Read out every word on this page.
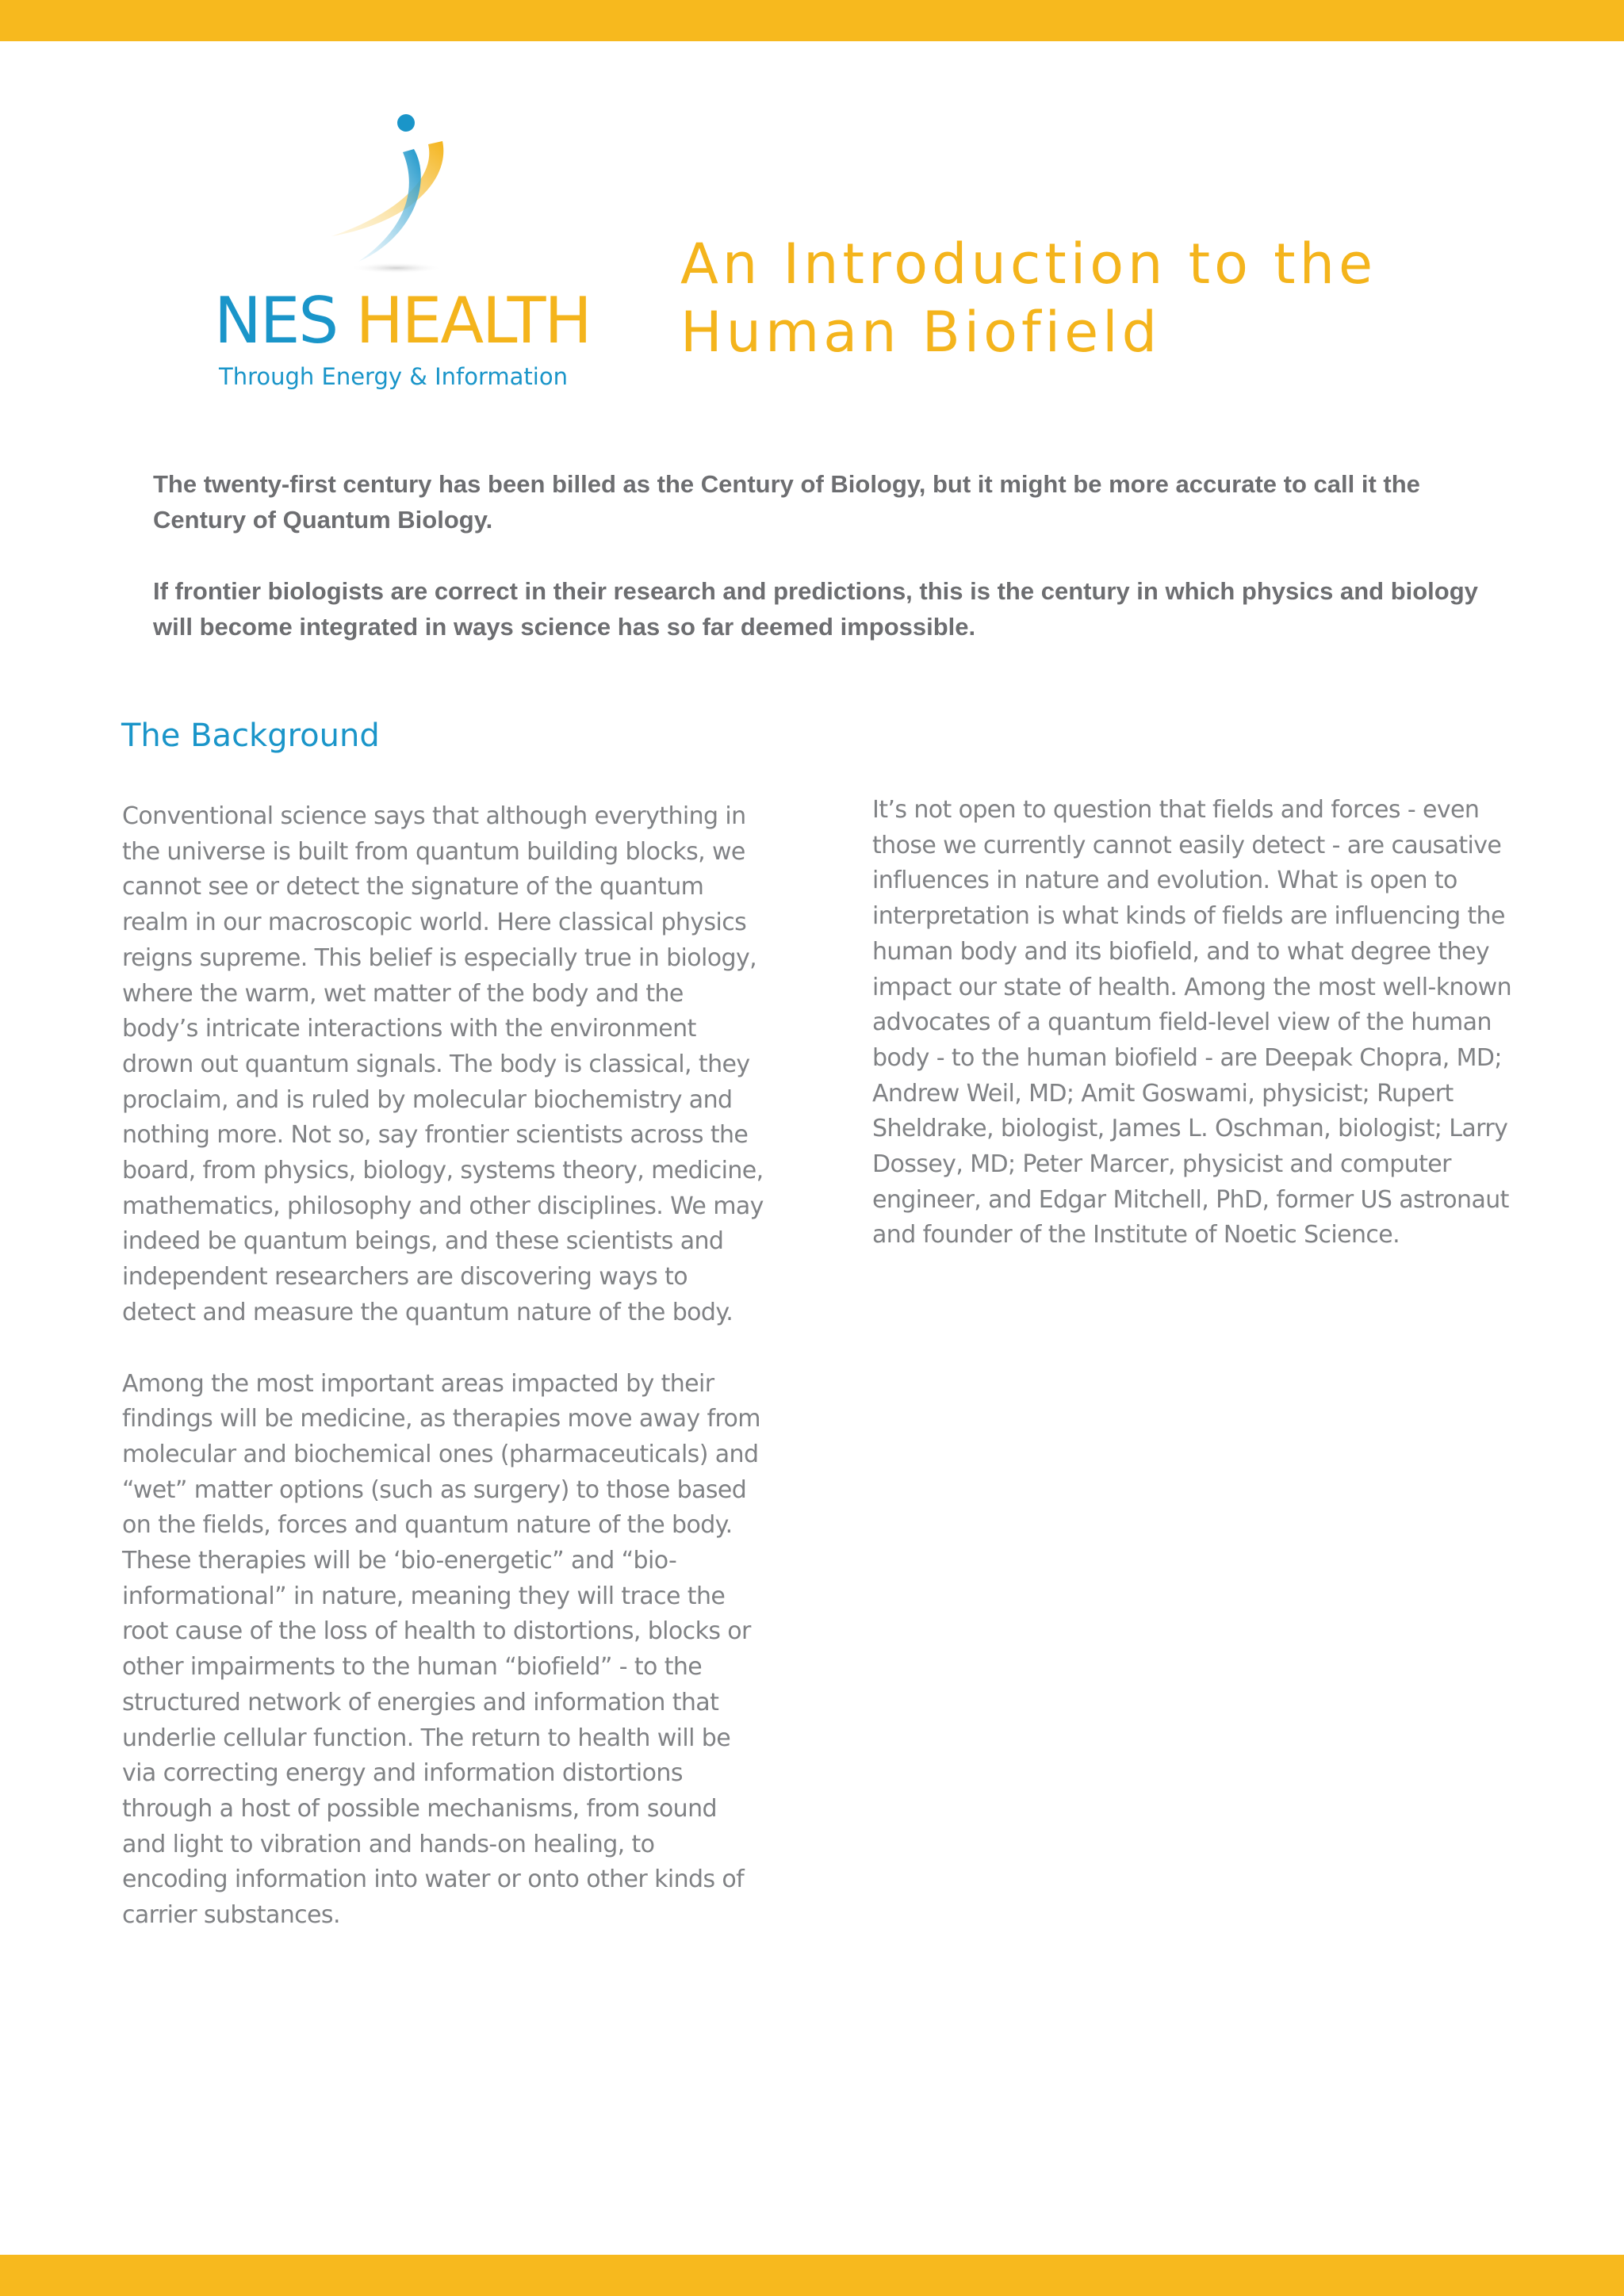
NES HEALTH
Through Energy & Information
An Introduction to the
Human Biofield

The twenty-first century has been billed as the Century of Biology, but it might be more accurate to call it the Century of Quantum Biology.

If frontier biologists are correct in their research and predictions, this is the century in which physics and biology will become integrated in ways science has so far deemed impossible.

The Background

Conventional science says that although everything in the universe is built from quantum building blocks, we cannot see or detect the signature of the quantum realm in our macroscopic world. Here classical physics reigns supreme. This belief is especially true in biology, where the warm, wet matter of the body and the body’s intricate interactions with the environment drown out quantum signals. The body is classical, they proclaim, and is ruled by molecular biochemistry and nothing more. Not so, say frontier scientists across the board, from physics, biology, systems theory, medicine, mathematics, philosophy and other disciplines. We may indeed be quantum beings, and these scientists and independent researchers are discovering ways to detect and measure the quantum nature of the body.

Among the most important areas impacted by their findings will be medicine, as therapies move away from molecular and biochemical ones (pharmaceuticals) and “wet” matter options (such as surgery) to those based on the fields, forces and quantum nature of the body. These therapies will be ‘bio-energetic” and “bio-informational” in nature, meaning they will trace the root cause of the loss of health to distortions, blocks or other impairments to the human “biofield” - to the structured network of energies and information that underlie cellular function. The return to health will be via correcting energy and information distortions through a host of possible mechanisms, from sound and light to vibration and hands-on healing, to encoding information into water or onto other kinds of carrier substances.

It’s not open to question that fields and forces - even those we currently cannot easily detect - are causative influences in nature and evolution. What is open to interpretation is what kinds of fields are influencing the human body and its biofield, and to what degree they impact our state of health. Among the most well-known advocates of a quantum field-level view of the human body - to the human biofield - are Deepak Chopra, MD; Andrew Weil, MD; Amit Goswami, physicist; Rupert Sheldrake, biologist, James L. Oschman, biologist; Larry Dossey, MD; Peter Marcer, physicist and computer engineer, and Edgar Mitchell, PhD, former US astronaut and founder of the Institute of Noetic Science.
